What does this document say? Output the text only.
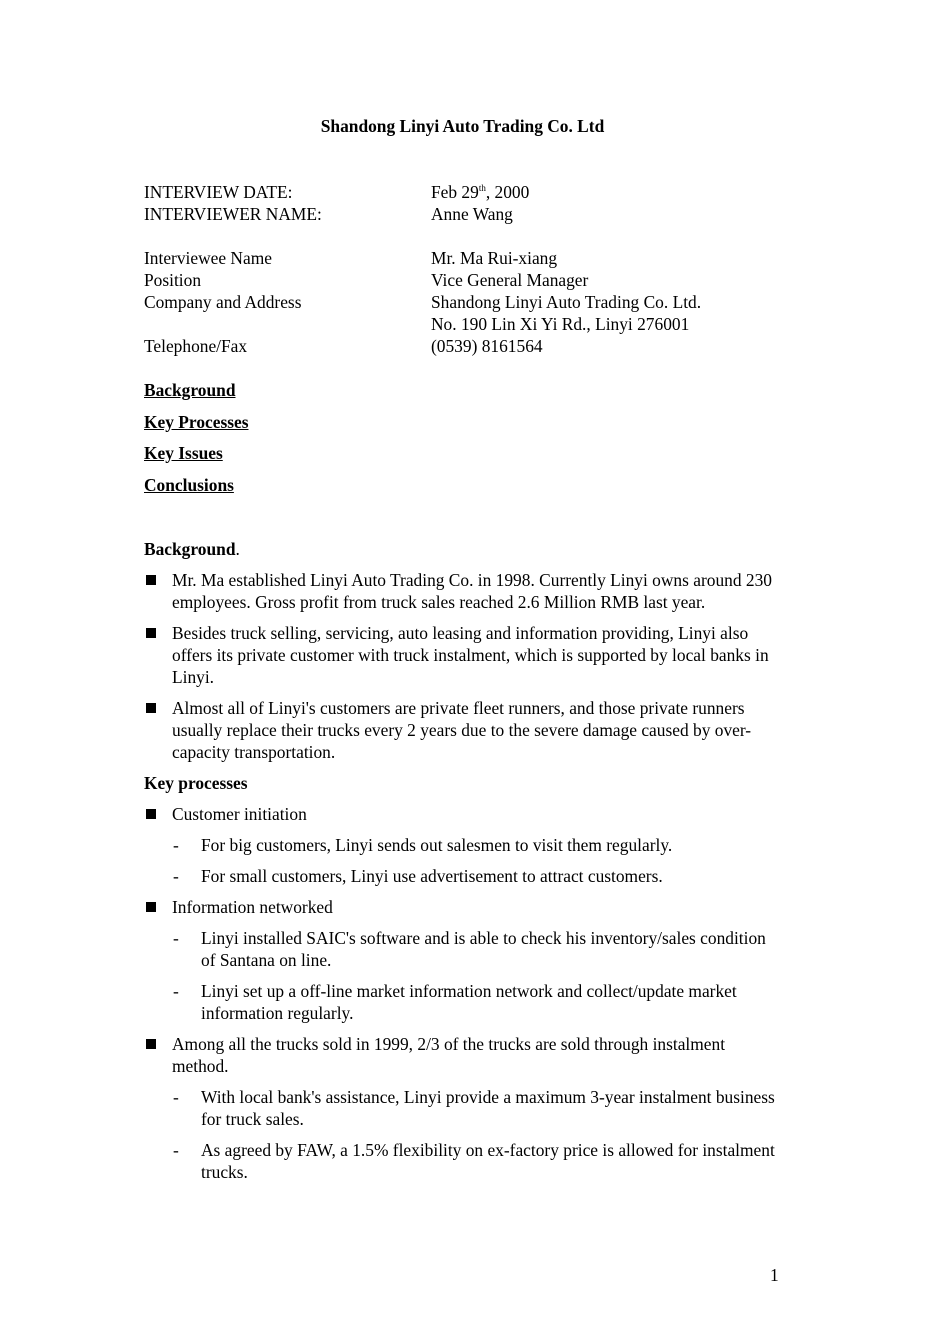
Shandong Linyi Auto Trading Co. Ltd
INTERVIEW DATE:	Feb 29th, 2000
INTERVIEWER NAME:	Anne Wang
Interviewee Name	Mr. Ma Rui-xiang
Position	Vice General Manager
Company and Address	Shandong Linyi Auto Trading Co. Ltd.
No. 190 Lin Xi Yi Rd., Linyi 276001
Telephone/Fax	(0539) 8161564
Background
Key Processes
Key Issues
Conclusions
Background.
Mr. Ma established Linyi Auto Trading Co. in 1998. Currently Linyi owns around 230 employees. Gross profit from truck sales reached 2.6 Million RMB last year.
Besides truck selling, servicing, auto leasing and information providing, Linyi also offers its private customer with truck instalment, which is supported by local banks in Linyi.
Almost all of Linyi's customers are private fleet runners, and those private runners usually replace their trucks every 2 years due to the severe damage caused by over-capacity transportation.
Key processes
Customer initiation
- For big customers, Linyi sends out salesmen to visit them regularly.
- For small customers, Linyi use advertisement to attract customers.
Information networked
- Linyi installed SAIC's software and is able to check his inventory/sales condition of Santana on line.
- Linyi set up a off-line market information network and collect/update market information regularly.
Among all the trucks sold in 1999, 2/3 of the trucks are sold through instalment method.
- With local bank's assistance, Linyi provide a maximum 3-year instalment business for truck sales.
- As agreed by FAW, a 1.5% flexibility on ex-factory price is allowed for instalment trucks.
1
